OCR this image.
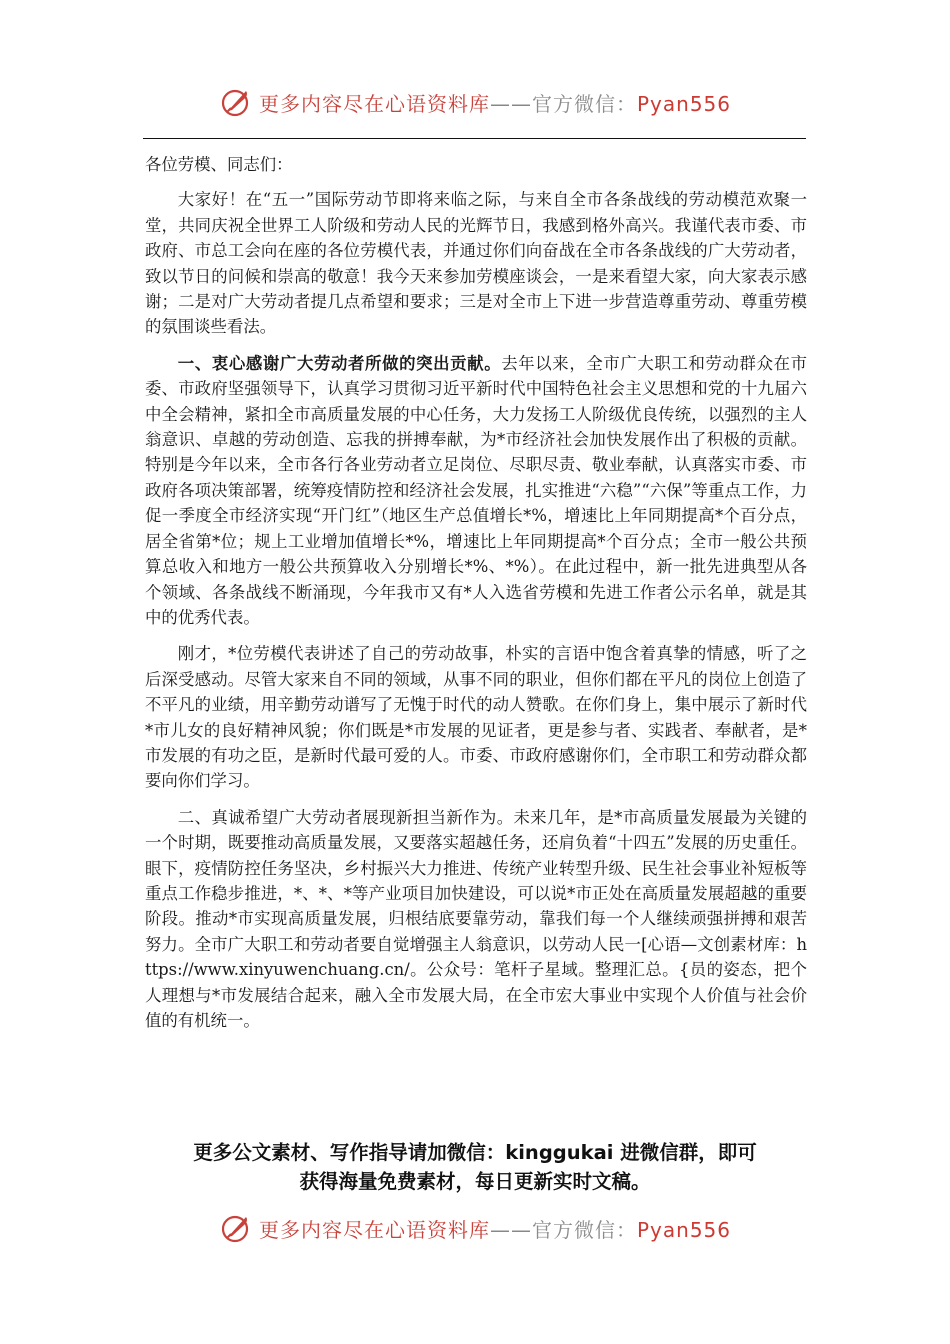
更多内容尽在心语资料库——官方微信：Pyan556

各位劳模、同志们：

大家好！在“五一”国际劳动节即将来临之际，与来自全市各条战线的劳动模范欢聚一堂，共同庆祝全世界工人阶级和劳动人民的光辉节日，我感到格外高兴。我谨代表市委、市政府、市总工会向在座的各位劳模代表，并通过你们向奋战在全市各条战线的广大劳动者，致以节日的问候和崇高的敬意！我今天来参加劳模座谈会，一是来看望大家，向大家表示感谢；二是对广大劳动者提几点希望和要求；三是对全市上下进一步营造尊重劳动、尊重劳模的氛围谈些看法。

一、衷心感谢广大劳动者所做的突出贡献。去年以来，全市广大职工和劳动群众在市委、市政府坚强领导下，认真学习贯彻习近平新时代中国特色社会主义思想和党的十九届六中全会精神，紧扣全市高质量发展的中心任务，大力发扬工人阶级优良传统，以强烈的主人翁意识、卓越的劳动创造、忘我的拼搏奉献，为*市经济社会加快发展作出了积极的贡献。特别是今年以来，全市各行各业劳动者立足岗位、尽职尽责、敬业奉献，认真落实市委、市政府各项决策部署，统筹疫情防控和经济社会发展，扎实推进“六稳”“六保”等重点工作，力促一季度全市经济实现“开门红”（地区生产总值增长*%，增速比上年同期提高*个百分点，居全省第*位；规上工业增加值增长*%，增速比上年同期提高*个百分点；全市一般公共预算总收入和地方一般公共预算收入分别增长*%、*%）。在此过程中，新一批先进典型从各个领域、各条战线不断涌现，今年我市又有*人入选省劳模和先进工作者公示名单，就是其中的优秀代表。

刚才，*位劳模代表讲述了自己的劳动故事，朴实的言语中饱含着真挚的情感，听了之后深受感动。尽管大家来自不同的领域，从事不同的职业，但你们都在平凡的岗位上创造了不平凡的业绩，用辛勤劳动谱写了无愧于时代的动人赞歌。在你们身上，集中展示了新时代*市儿女的良好精神风貌；你们既是*市发展的见证者，更是参与者、实践者、奉献者，是*市发展的有功之臣，是新时代最可爱的人。市委、市政府感谢你们，全市职工和劳动群众都要向你们学习。

二、真诚希望广大劳动者展现新担当新作为。未来几年，是*市高质量发展最为关键的一个时期，既要推动高质量发展，又要落实超越任务，还肩负着“十四五”发展的历史重任。眼下，疫情防控任务坚决，乡村振兴大力推进、传统产业转型升级、民生社会事业补短板等重点工作稳步推进，*、*、*等产业项目加快建设，可以说*市正处在高质量发展超越的重要阶段。推动*市实现高质量发展，归根结底要靠劳动，靠我们每一个人继续顽强拼搏和艰苦努力。全市广大职工和劳动者要自觉增强主人翁意识，以劳动人民一[心语—文创素材库：https://www.xinyuwenchuang.cn/。公众号：笔杆子星域。整理汇总。{员的姿态，把个人理想与*市发展结合起来，融入全市发展大局，在全市宏大事业中实现个人价值与社会价值的有机统一。

更多公文素材、写作指导请加微信：kinggukai 进微信群，即可
获得海量免费素材，每日更新实时文稿。
更多内容尽在心语资料库——官方微信：Pyan556
